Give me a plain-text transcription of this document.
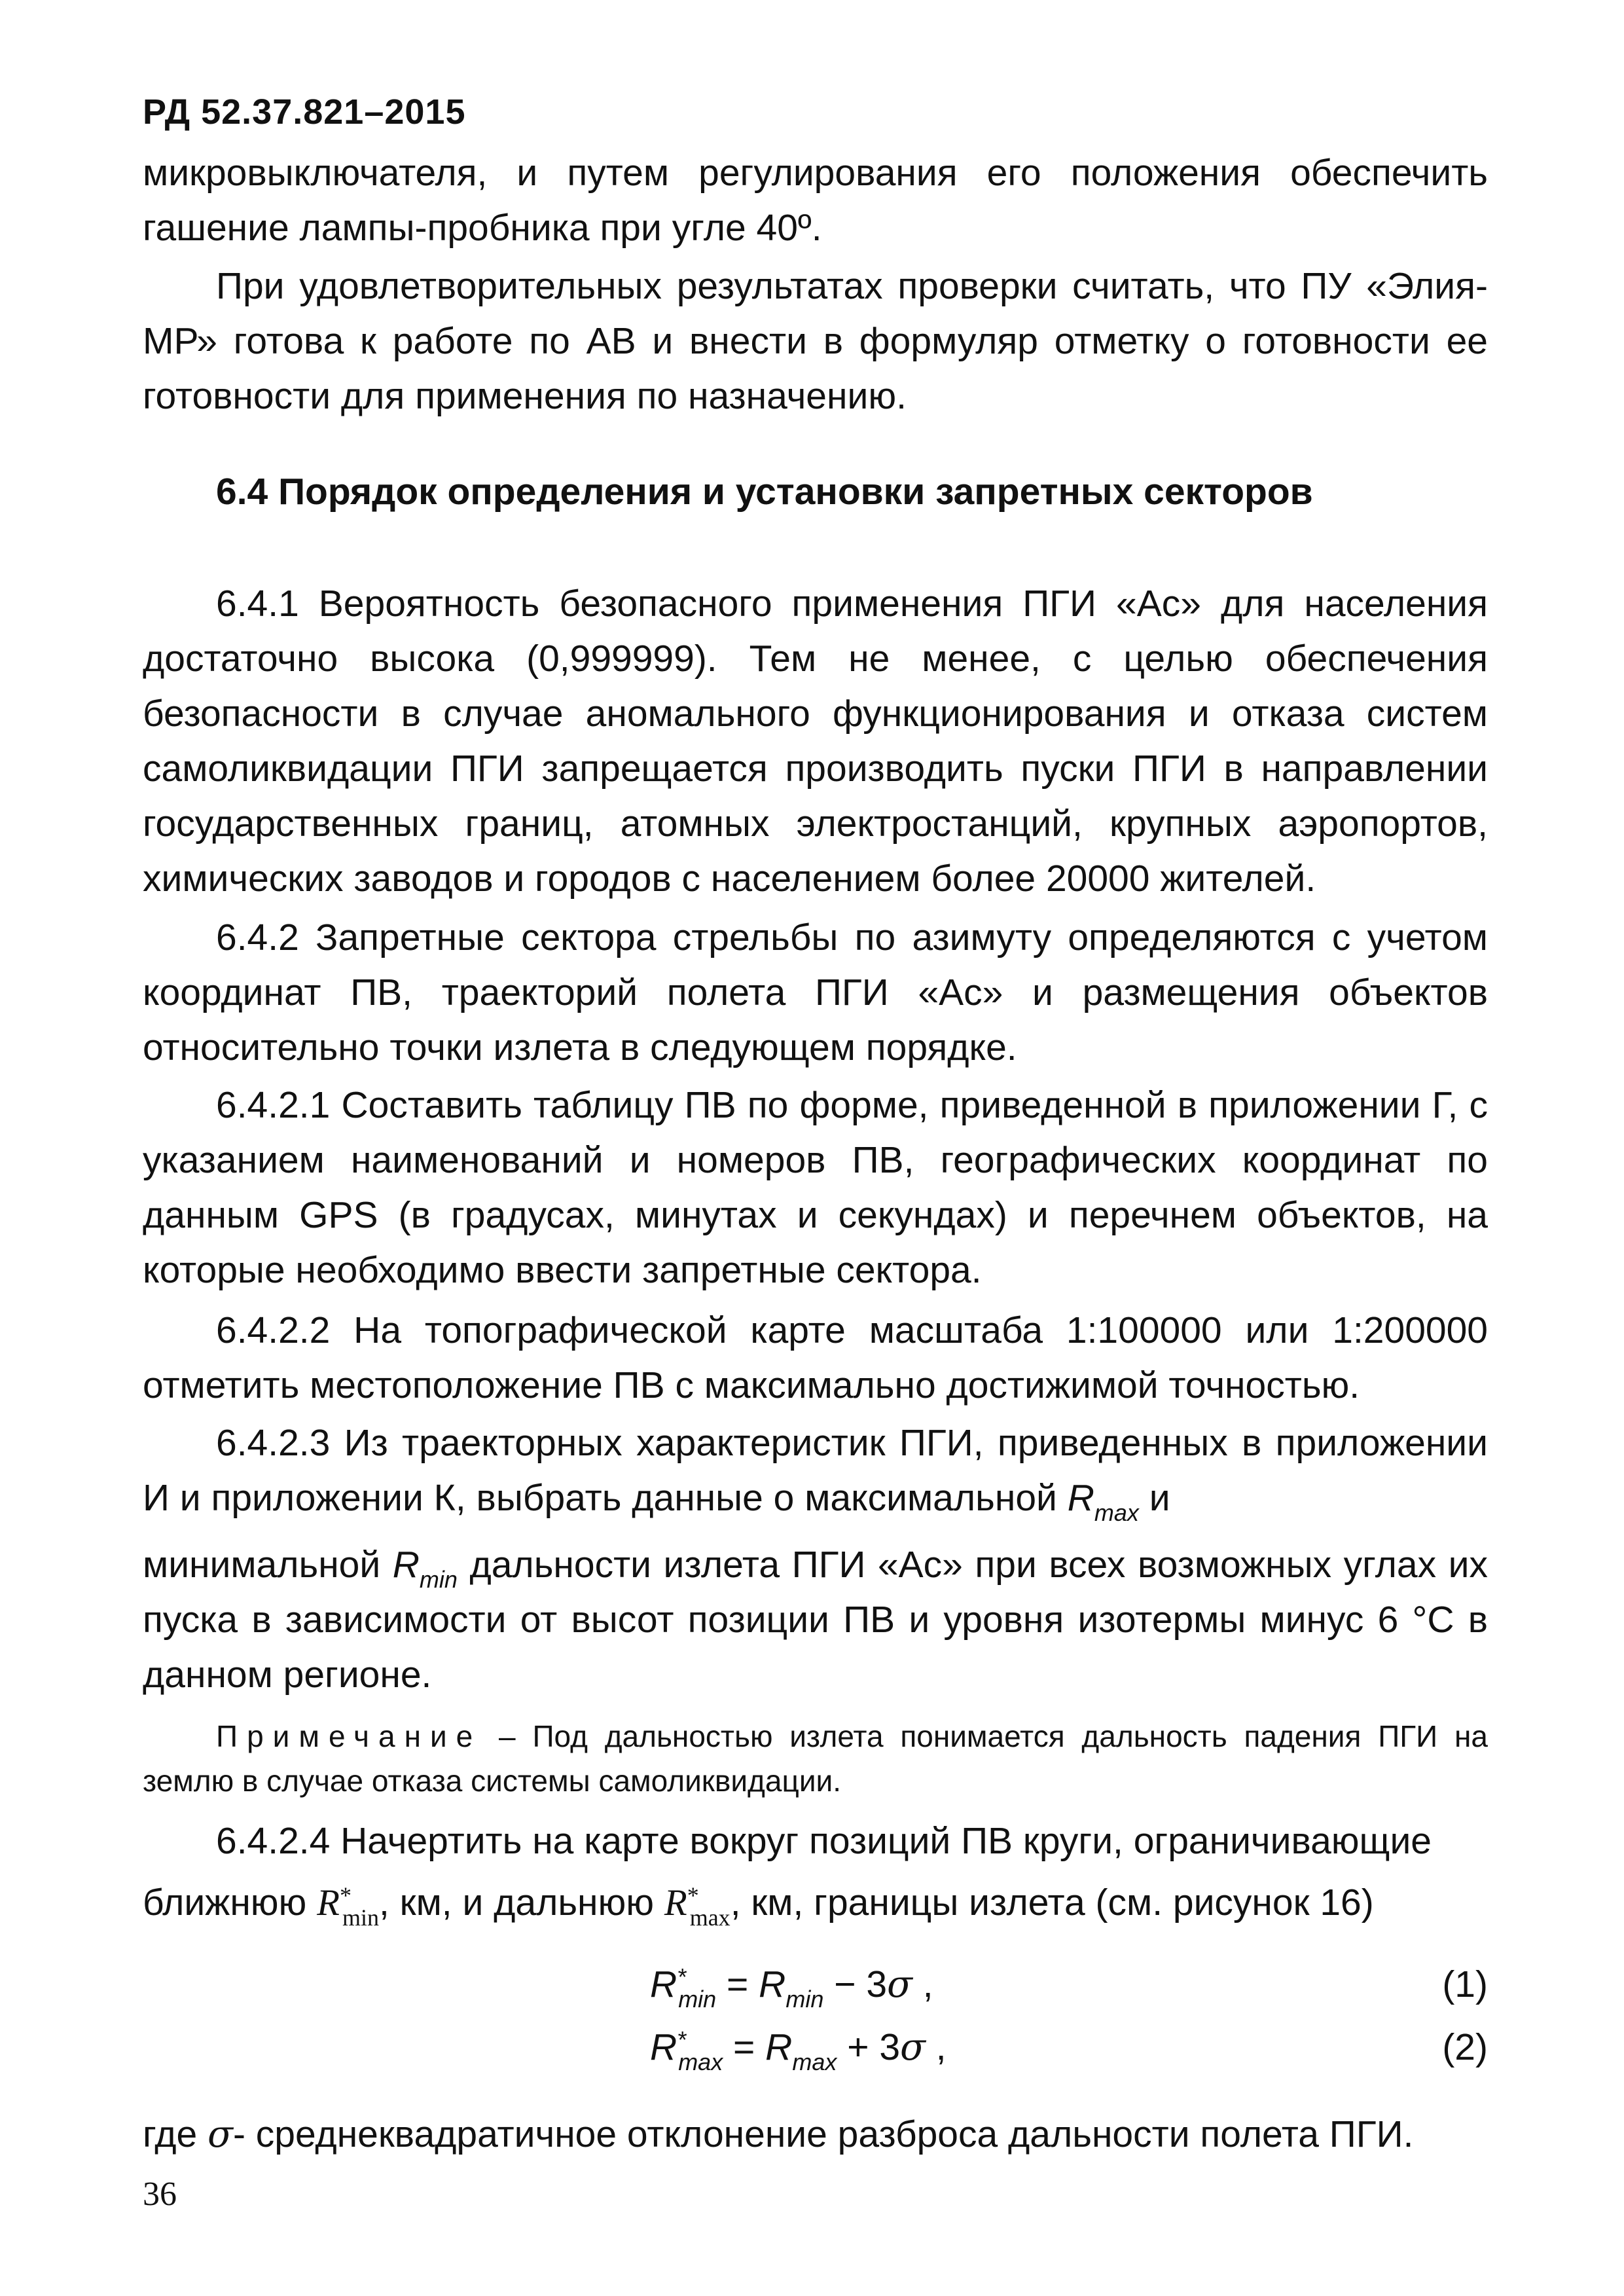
РД 52.37.821–2015
микровыключателя, и путем регулирования его положения обеспечить гашение лампы-пробника при угле 40º.
При удовлетворительных результатах проверки считать, что ПУ «Элия-МР» готова к работе по АВ и внести в формуляр отметку о готовности ее готовности для применения по назначению.
6.4 Порядок определения и установки запретных секторов
6.4.1 Вероятность безопасного применения ПГИ «Ас» для населения достаточно высока (0,999999). Тем не менее, с целью обеспечения безопасности в случае аномального функционирования и отказа систем самоликвидации ПГИ запрещается производить пуски ПГИ в направлении государственных границ, атомных электростанций, крупных аэропортов, химических заводов и городов с населением более 20000 жителей.
6.4.2 Запретные сектора стрельбы по азимуту определяются с учетом координат ПВ, траекторий полета ПГИ «Ас» и размещения объектов относительно точки излета в следующем порядке.
6.4.2.1 Составить таблицу ПВ по форме, приведенной в приложении Г, с указанием наименований и номеров ПВ, географических координат по данным GPS (в градусах, минутах и секундах) и перечнем объектов, на которые необходимо ввести запретные сектора.
6.4.2.2 На топографической карте масштаба 1:100000 или 1:200000 отметить местоположение ПВ с максимально достижимой точностью.
6.4.2.3 Из траекторных характеристик ПГИ, приведенных в приложении И и приложении К, выбрать данные о максимальной $R_{max}$ и
минимальной $R_{min}$ дальности излета ПГИ «Ас» при всех возможных углах их пуска в зависимости от высот позиции ПВ и уровня изотермы минус 6 °С в данном регионе.
Примечание – Под дальностью излета понимается дальность падения ПГИ на землю в случае отказа системы самоликвидации.
6.4.2.4 Начертить на карте вокруг позиций ПВ круги, ограничивающие
ближнюю $R^*_{min}$, км, и дальнюю $R^*_{max}$, км, границы излета (см. рисунок 16)
$R^*_{min} = R_{min} - 3\sigma$ ,	(1)
$R^*_{max} = R_{max} + 3\sigma$ ,	(2)
где σ- среднеквадратичное отклонение разброса дальности полета ПГИ.
36
